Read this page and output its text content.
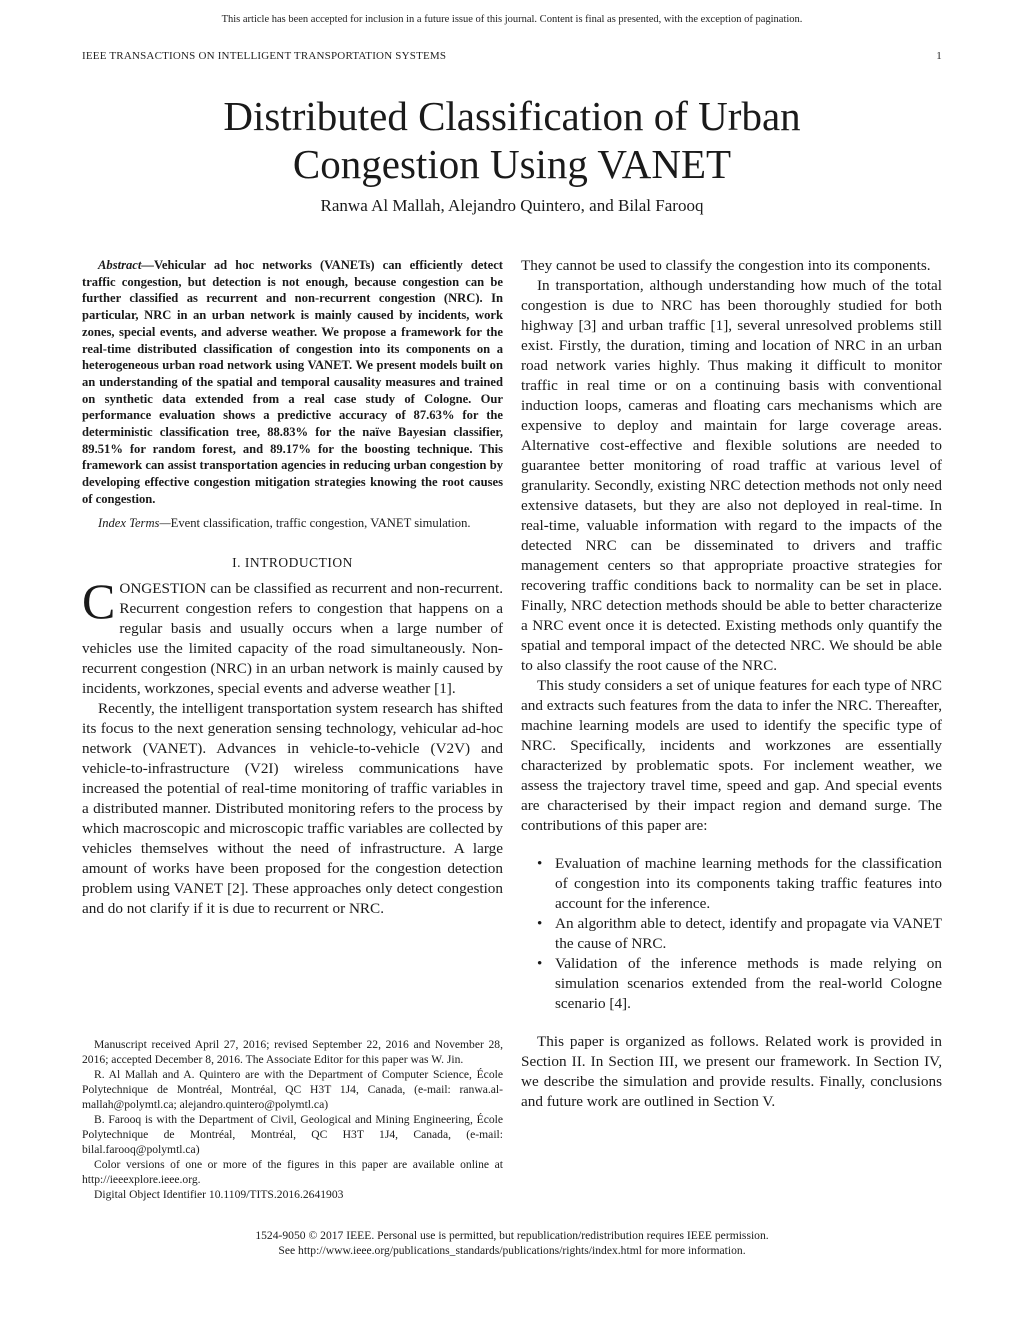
This article has been accepted for inclusion in a future issue of this journal. Content is final as presented, with the exception of pagination.
IEEE TRANSACTIONS ON INTELLIGENT TRANSPORTATION SYSTEMS	1
Distributed Classification of Urban
Congestion Using VANET
Ranwa Al Mallah, Alejandro Quintero, and Bilal Farooq

Abstract—Vehicular ad hoc networks (VANETs) can efficiently detect traffic congestion, but detection is not enough, because congestion can be further classified as recurrent and non-recurrent congestion (NRC). In particular, NRC in an urban network is mainly caused by incidents, work zones, special events, and adverse weather. We propose a framework for the real-time distributed classification of congestion into its components on a heterogeneous urban road network using VANET. We present models built on an understanding of the spatial and temporal causality measures and trained on synthetic data extended from a real case study of Cologne. Our performance evaluation shows a predictive accuracy of 87.63% for the deterministic classification tree, 88.83% for the naïve Bayesian classifier, 89.51% for random forest, and 89.17% for the boosting technique. This framework can assist transportation agencies in reducing urban congestion by developing effective congestion mitigation strategies knowing the root causes of congestion.

Index Terms—Event classification, traffic congestion, VANET simulation.

I. INTRODUCTION

CONGESTION can be classified as recurrent and non-recurrent. Recurrent congestion refers to congestion that happens on a regular basis and usually occurs when a large number of vehicles use the limited capacity of the road simultaneously. Non-recurrent congestion (NRC) in an urban network is mainly caused by incidents, workzones, special events and adverse weather [1].

Recently, the intelligent transportation system research has shifted its focus to the next generation sensing technology, vehicular ad-hoc network (VANET). Advances in vehicle-to-vehicle (V2V) and vehicle-to-infrastructure (V2I) wireless communications have increased the potential of real-time monitoring of traffic variables in a distributed manner. Distributed monitoring refers to the process by which macroscopic and microscopic traffic variables are collected by vehicles themselves without the need of infrastructure. A large amount of works have been proposed for the congestion detection problem using VANET [2]. These approaches only detect congestion and do not clarify if it is due to recurrent or NRC.

Manuscript received April 27, 2016; revised September 22, 2016 and November 28, 2016; accepted December 8, 2016. The Associate Editor for this paper was W. Jin.

R. Al Mallah and A. Quintero are with the Department of Computer Science, École Polytechnique de Montréal, Montréal, QC H3T 1J4, Canada, (e-mail: ranwa.al-mallah@polymtl.ca; alejandro.quintero@polymtl.ca)

B. Farooq is with the Department of Civil, Geological and Mining Engineering, École Polytechnique de Montréal, Montréal, QC H3T 1J4, Canada, (e-mail: bilal.farooq@polymtl.ca)

Color versions of one or more of the figures in this paper are available online at http://ieeexplore.ieee.org.

Digital Object Identifier 10.1109/TITS.2016.2641903

They cannot be used to classify the congestion into its components.

In transportation, although understanding how much of the total congestion is due to NRC has been thoroughly studied for both highway [3] and urban traffic [1], several unresolved problems still exist. Firstly, the duration, timing and location of NRC in an urban road network varies highly. Thus making it difficult to monitor traffic in real time or on a continuing basis with conventional induction loops, cameras and floating cars mechanisms which are expensive to deploy and maintain for large coverage areas. Alternative cost-effective and flexible solutions are needed to guarantee better monitoring of road traffic at various level of granularity. Secondly, existing NRC detection methods not only need extensive datasets, but they are also not deployed in real-time. In real-time, valuable information with regard to the impacts of the detected NRC can be disseminated to drivers and traffic management centers so that appropriate proactive strategies for recovering traffic conditions back to normality can be set in place. Finally, NRC detection methods should be able to better characterize a NRC event once it is detected. Existing methods only quantify the spatial and temporal impact of the detected NRC. We should be able to also classify the root cause of the NRC.

This study considers a set of unique features for each type of NRC and extracts such features from the data to infer the NRC. Thereafter, machine learning models are used to identify the specific type of NRC. Specifically, incidents and workzones are essentially characterized by problematic spots. For inclement weather, we assess the trajectory travel time, speed and gap. And special events are characterised by their impact region and demand surge. The contributions of this paper are:

• Evaluation of machine learning methods for the classification of congestion into its components taking traffic features into account for the inference.
• An algorithm able to detect, identify and propagate via VANET the cause of NRC.
• Validation of the inference methods is made relying on simulation scenarios extended from the real-world Cologne scenario [4].

This paper is organized as follows. Related work is provided in Section II. In Section III, we present our framework. In Section IV, we describe the simulation and provide results. Finally, conclusions and future work are outlined in Section V.

1524-9050 © 2017 IEEE. Personal use is permitted, but republication/redistribution requires IEEE permission.
See http://www.ieee.org/publications_standards/publications/rights/index.html for more information.
